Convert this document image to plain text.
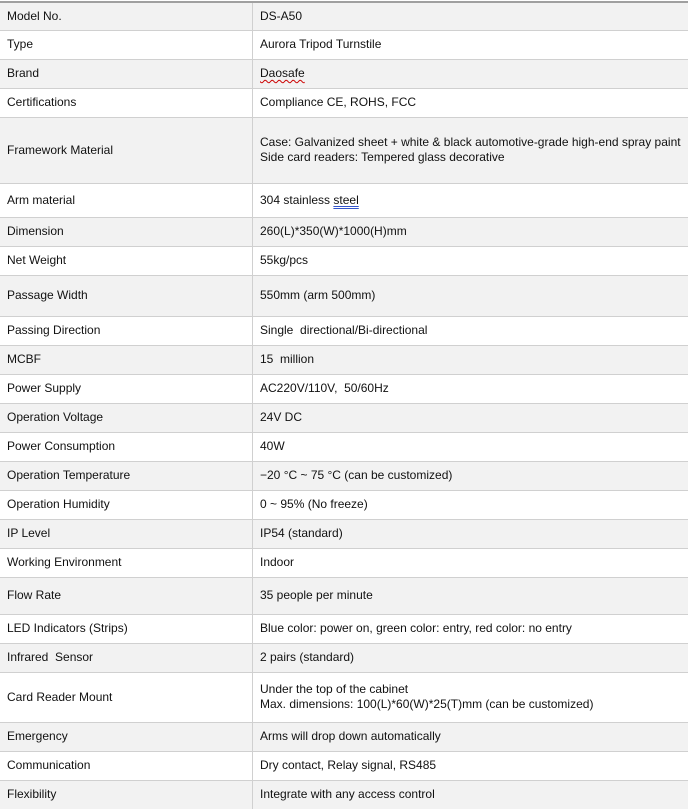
Model No.	DS-A50
Type	Aurora Tripod Turnstile
Brand	Daosafe
Certifications	Compliance CE, ROHS, FCC
Framework Material	Case: Galvanized sheet + white & black automotive-grade high-end spray paint
Side card readers: Tempered glass decorative

Arm material	304 stainless steel
Dimension	260(L)*350(W)*1000(H)mm
Net Weight	55kg/pcs
Passage Width	550mm (arm 500mm)
Passing Direction	Single  directional/Bi-directional
MCBF	15  million
Power Supply	AC220V/110V,  50/60Hz
Operation Voltage	24V DC
Power Consumption	40W
Operation Temperature	−20 °C ~ 75 °C (can be customized)
Operation Humidity	0 ~ 95% (No freeze)
IP Level	IP54 (standard)
Working Environment	Indoor
Flow Rate	35 people per minute
LED Indicators (Strips)	Blue color: power on, green color: entry, red color: no entry
Infrared  Sensor	2 pairs (standard)
Card Reader Mount	Under the top of the cabinet
Max. dimensions: 100(L)*60(W)*25(T)mm (can be customized)

Emergency	Arms will drop down automatically
Communication	Dry contact, Relay signal, RS485
Flexibility	Integrate with any access control
